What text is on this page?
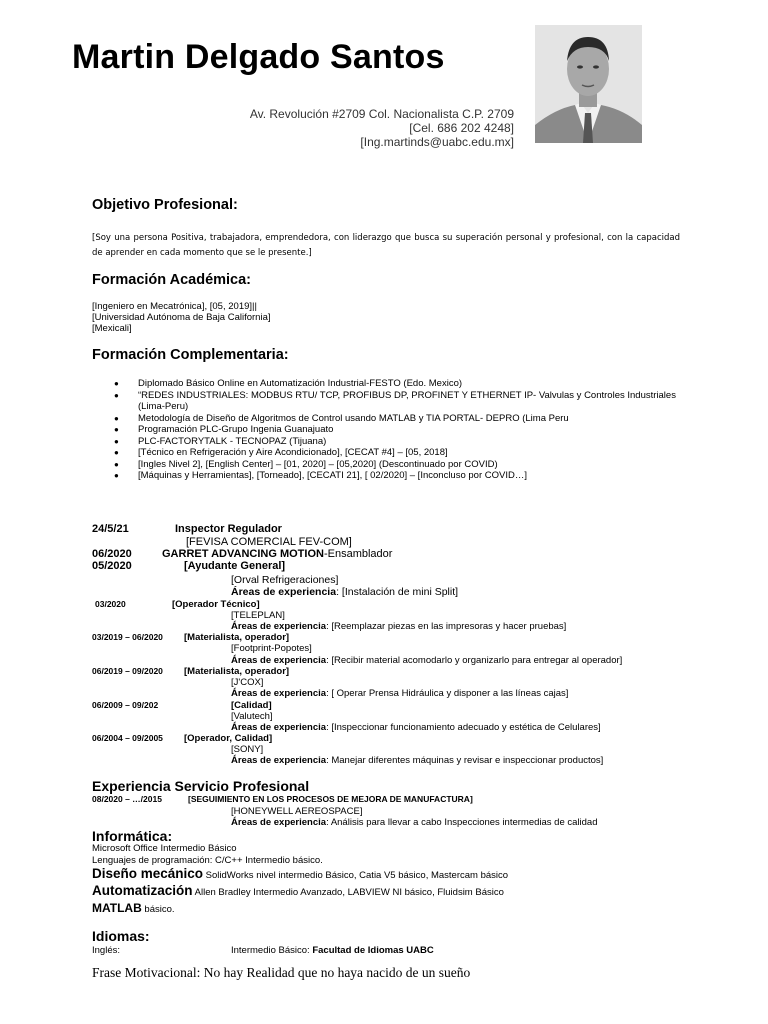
Martin Delgado Santos
Av. Revolución #2709 Col. Nacionalista C.P. 2709
[Cel. 686 202 4248]
[Ing.martinds@uabc.edu.mx]
Objetivo Profesional:
[Soy una persona Positiva, trabajadora, emprendedora, con liderazgo que busca su superación personal y profesional, con la capacidad de aprender en cada momento que se le presente.]
Formación Académica:
[Ingeniero en Mecatrónica], [05, 2019]||
[Universidad Autónoma de Baja California]
[Mexicali]
Formación Complementaria:
● Diplomado Básico Online en Automatización Industrial-FESTO (Edo. Mexico)
● “REDES INDUSTRIALES: MODBUS RTU/ TCP, PROFIBUS DP, PROFINET Y ETHERNET IP- Valvulas y Controles Industriales (Lima-Peru)
● Metodología de Diseño de Algoritmos de Control usando MATLAB y TIA PORTAL- DEPRO (Lima Peru
● Programación PLC-Grupo Ingenia Guanajuato
● PLC-FACTORYTALK - TECNOPAZ (Tijuana)
● [Técnico en Refrigeración y Aire Acondicionado], [CECAT #4] – [05, 2018]
● [Ingles Nivel 2], [English Center] – [01, 2020] – [05,2020] (Descontinuado por COVID)
● [Máquinas y Herramientas], [Torneado], [CECATI 21], [ 02/2020] – [Inconcluso por COVID…]
24/5/21	Inspector Regulador
[FEVISA COMERCIAL FEV-COM]
06/2020	GARRET ADVANCING MOTION-Ensamblador
05/2020	[Ayudante General]
[Orval Refrigeraciones]
Áreas de experiencia: [Instalación de mini Split]
03/2020	[Operador Técnico]
[TELEPLAN]
Áreas de experiencia: [Reemplazar piezas en las impresoras y hacer pruebas]
03/2019 – 06/2020 [Materialista, operador]
[Footprint-Popotes]
Áreas de experiencia: [Recibir material acomodarlo y organizarlo para entregar al operador]
06/2019 – 09/2020 [Materialista, operador]
[J'COX]
Áreas de experiencia: [ Operar Prensa Hidráulica y disponer a las líneas cajas]
06/2009 – 09/202	[Calidad]
[Valutech]
Áreas de experiencia: [Inspeccionar funcionamiento adecuado y estética de Celulares]
06/2004 – 09/2005 [Operador, Calidad]
[SONY]
Áreas de experiencia: Manejar diferentes máquinas y revisar e inspeccionar productos]
Experiencia Servicio Profesional
08/2020 – …/2015	[SEGUIMIENTO EN LOS PROCESOS DE MEJORA DE MANUFACTURA]
[HONEYWELL AEREOSPACE]
Áreas de experiencia: Análisis para llevar a cabo Inspecciones intermedias de calidad
Informática:
Microsoft Office Intermedio Básico
Lenguajes de programación: C/C++ Intermedio básico.
Diseño mecánico SolidWorks nivel intermedio Básico, Catia V5 básico, Mastercam básico
Automatización Allen Bradley Intermedio Avanzado, LABVIEW NI básico, Fluidsim Básico
MATLAB básico.
Idiomas:
Inglés:	Intermedio Básico: Facultad de Idiomas UABC
Frase Motivacional: No hay Realidad que no haya nacido de un sueño
